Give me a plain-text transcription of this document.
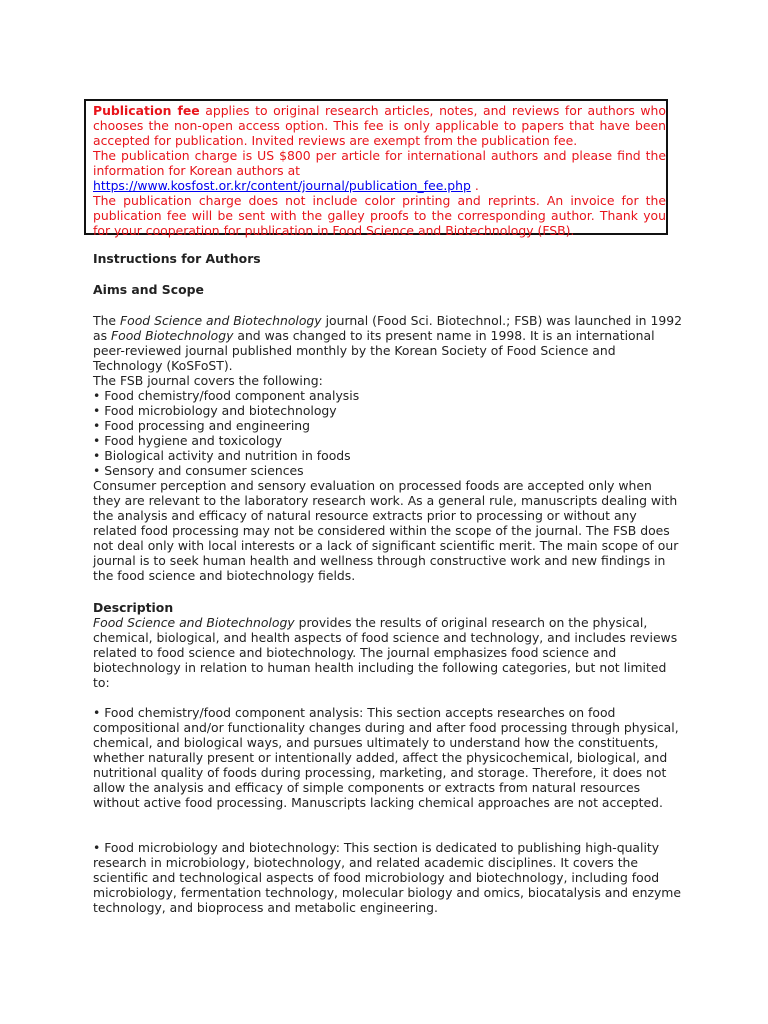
Publication fee applies to original research articles, notes, and reviews for authors who chooses the non-open access option. This fee is only applicable to papers that have been accepted for publication. Invited reviews are exempt from the publication fee.

The publication charge is US $800 per article for international authors and please find the information for Korean authors at
https://www.kosfost.or.kr/content/journal/publication_fee.php .

The publication charge does not include color printing and reprints. An invoice for the publication fee will be sent with the galley proofs to the corresponding author. Thank you for your cooperation for publication in Food Science and Biotechnology (FSB).

Instructions for Authors
Aims and Scope

The Food Science and Biotechnology journal (Food Sci. Biotechnol.; FSB) was launched in 1992 as Food Biotechnology and was changed to its present name in 1998. It is an international peer-reviewed journal published monthly by the Korean Society of Food Science and Technology (KoSFoST).

The FSB journal covers the following:

• Food chemistry/food component analysis
• Food microbiology and biotechnology
• Food processing and engineering
• Food hygiene and toxicology
• Biological activity and nutrition in foods
• Sensory and consumer sciences

Consumer perception and sensory evaluation on processed foods are accepted only when they are relevant to the laboratory research work. As a general rule, manuscripts dealing with the analysis and efficacy of natural resource extracts prior to processing or without any related food processing may not be considered within the scope of the journal. The FSB does not deal only with local interests or a lack of significant scientific merit. The main scope of our journal is to seek human health and wellness through constructive work and new findings in the food science and biotechnology fields.

Description

Food Science and Biotechnology provides the results of original research on the physical, chemical, biological, and health aspects of food science and technology, and includes reviews related to food science and biotechnology. The journal emphasizes food science and biotechnology in relation to human health including the following categories, but not limited to:

• Food chemistry/food component analysis: This section accepts researches on food compositional and/or functionality changes during and after food processing through physical, chemical, and biological ways, and pursues ultimately to understand how the constituents, whether naturally present or intentionally added, affect the physicochemical, biological, and nutritional quality of foods during processing, marketing, and storage. Therefore, it does not allow the analysis and efficacy of simple components or extracts from natural resources without active food processing. Manuscripts lacking chemical approaches are not accepted.

• Food microbiology and biotechnology: This section is dedicated to publishing high-quality research in microbiology, biotechnology, and related academic disciplines. It covers the scientific and technological aspects of food microbiology and biotechnology, including food microbiology, fermentation technology, molecular biology and omics, biocatalysis and enzyme technology, and bioprocess and metabolic engineering.
